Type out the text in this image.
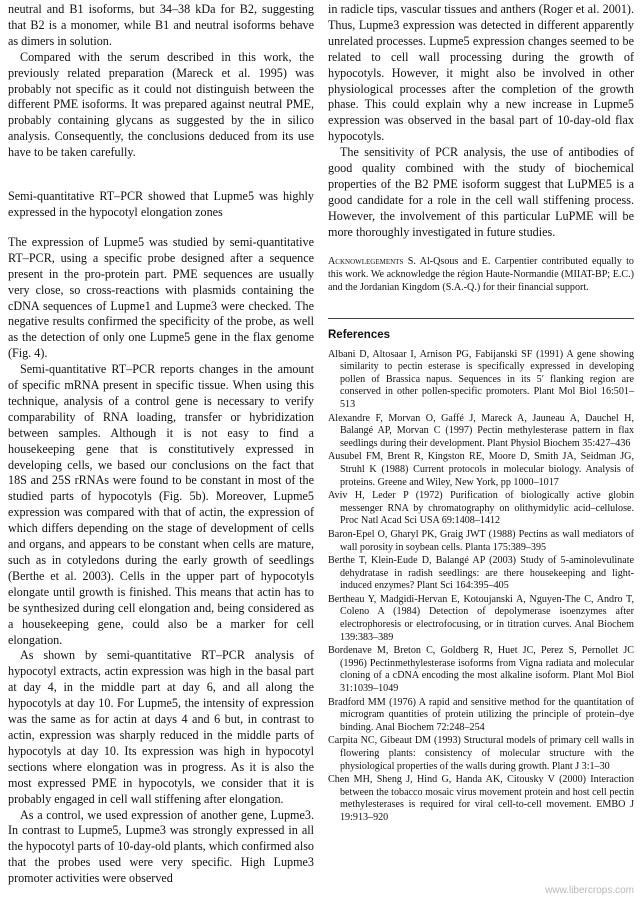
neutral and B1 isoforms, but 34–38 kDa for B2, suggesting that B2 is a monomer, while B1 and neutral isoforms behave as dimers in solution.

Compared with the serum described in this work, the previously related preparation (Mareck et al. 1995) was probably not specific as it could not distinguish between the different PME isoforms. It was prepared against neutral PME, probably containing glycans as suggested by the in silico analysis. Consequently, the conclusions deduced from its use have to be taken carefully.

Semi-quantitative RT–PCR showed that Lupme5 was highly expressed in the hypocotyl elongation zones

The expression of Lupme5 was studied by semi-quantitative RT–PCR, using a specific probe designed after a sequence present in the pro-protein part. PME sequences are usually very close, so cross-reactions with plasmids containing the cDNA sequences of Lupme1 and Lupme3 were checked. The negative results confirmed the specificity of the probe, as well as the detection of only one Lupme5 gene in the flax genome (Fig. 4).

Semi-quantitative RT–PCR reports changes in the amount of specific mRNA present in specific tissue. When using this technique, analysis of a control gene is necessary to verify comparability of RNA loading, transfer or hybridization between samples. Although it is not easy to find a housekeeping gene that is constitutively expressed in developing cells, we based our conclusions on the fact that 18S and 25S rRNAs were found to be constant in most of the studied parts of hypocotyls (Fig. 5b). Moreover, Lupme5 expression was compared with that of actin, the expression of which differs depending on the stage of development of cells and organs, and appears to be constant when cells are mature, such as in cotyledons during the early growth of seedlings (Berthe et al. 2003). Cells in the upper part of hypocotyls elongate until growth is finished. This means that actin has to be synthesized during cell elongation and, being considered as a housekeeping gene, could also be a marker for cell elongation.

As shown by semi-quantitative RT–PCR analysis of hypocotyl extracts, actin expression was high in the basal part at day 4, in the middle part at day 6, and all along the hypocotyls at day 10. For Lupme5, the intensity of expression was the same as for actin at days 4 and 6 but, in contrast to actin, expression was sharply reduced in the middle parts of hypocotyls at day 10. Its expression was high in hypocotyl sections where elongation was in progress. As it is also the most expressed PME in hypocotyls, we consider that it is probably engaged in cell wall stiffening after elongation.

As a control, we used expression of another gene, Lupme3. In contrast to Lupme5, Lupme3 was strongly expressed in all the hypocotyl parts of 10-day-old plants, which confirmed also that the probes used were very specific. High Lupme3 promoter activities were observed

in radicle tips, vascular tissues and anthers (Roger et al. 2001). Thus, Lupme3 expression was detected in different apparently unrelated processes. Lupme5 expression changes seemed to be related to cell wall processing during the growth of hypocotyls. However, it might also be involved in other physiological processes after the completion of the growth phase. This could explain why a new increase in Lupme5 expression was observed in the basal part of 10-day-old flax hypocotyls.

The sensitivity of PCR analysis, the use of antibodies of good quality combined with the study of biochemical properties of the B2 PME isoform suggest that LuPME5 is a good candidate for a role in the cell wall stiffening process. However, the involvement of this particular LuPME will be more thoroughly investigated in future studies.

Acknowlegements S. Al-Qsous and E. Carpentier contributed equally to this work. We acknowledge the région Haute-Normandie (MIIAT-BP; E.C.) and the Jordanian Kingdom (S.A.-Q.) for their financial support.

References

Albani D, Altosaar I, Arnison PG, Fabijanski SF (1991) A gene showing similarity to pectin esterase is specifically expressed in developing pollen of Brassica napus. Sequences in its 5′ flanking region are conserved in other pollen-specific promoters. Plant Mol Biol 16:501–513

Alexandre F, Morvan O, Gaffé J, Mareck A, Jauneau A, Dauchel H, Balangé AP, Morvan C (1997) Pectin methylesterase pattern in flax seedlings during their development. Plant Physiol Biochem 35:427–436

Ausubel FM, Brent R, Kingston RE, Moore D, Smith JA, Seidman JG, Struhl K (1988) Current protocols in molecular biology. Analysis of proteins. Greene and Wiley, New York, pp 1000–1017

Aviv H, Leder P (1972) Purification of biologically active globin messenger RNA by chromatography on olithymidylic acid–cellulose. Proc Natl Acad Sci USA 69:1408–1412

Baron-Epel O, Gharyl PK, Graig JWT (1988) Pectins as wall mediators of wall porosity in soybean cells. Planta 175:389–395

Berthe T, Klein-Eude D, Balangé AP (2003) Study of 5-aminolevulinate dehydratase in radish seedlings: are there housekeeping and light-induced enzymes? Plant Sci 164:395–405

Bertheau Y, Madgidi-Hervan E, Kotoujanski A, Nguyen-The C, Andro T, Coleno A (1984) Detection of depolymerase isoenzymes after electrophoresis or electrofocusing, or in titration curves. Anal Biochem 139:383–389

Bordenave M, Breton C, Goldberg R, Huet JC, Perez S, Pernollet JC (1996) Pectinmethylesterase isoforms from Vigna radiata and molecular cloning of a cDNA encoding the most alkaline isoform. Plant Mol Biol 31:1039–1049

Bradford MM (1976) A rapid and sensitive method for the quantitation of microgram quantities of protein utilizing the principle of protein–dye binding. Anal Biochem 72:248–254

Carpita NC, Gibeaut DM (1993) Structural models of primary cell walls in flowering plants: consistency of molecular structure with the physiological properties of the walls during growth. Plant J 3:1–30

Chen MH, Sheng J, Hind G, Handa AK, Citousky V (2000) Interaction between the tobacco mosaic virus movement protein and host cell pectin methylesterases is required for viral cell-to-cell movement. EMBO J 19:913–920

www.libercrops.com
